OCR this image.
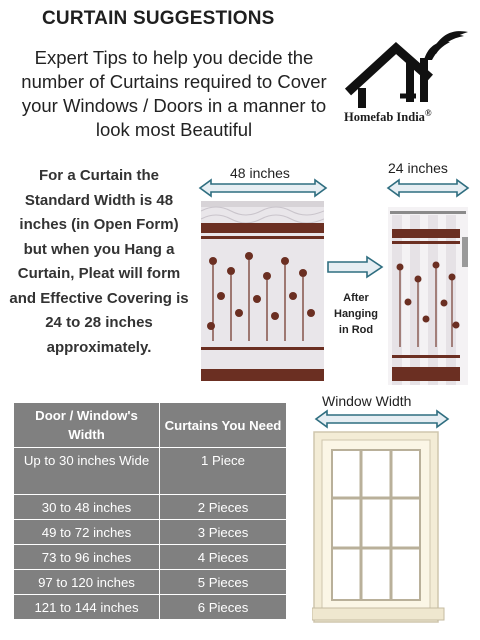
CURTAIN SUGGESTIONS
Expert Tips to help you decide the number of Curtains required to Cover your Windows / Doors in a manner to look most Beautiful
Homefab India®
For a Curtain the Standard Width is 48 inches (in Open Form) but when you Hang a Curtain, Pleat will form and Effective Covering is 24 to 28 inches approximately.
48 inches	24 inches
After Hanging in Rod
Window Width
Door / Window's Width	Curtains You Need
Up to 30 inches Wide	1 Piece
30 to 48 inches	2 Pieces
49 to 72 inches	3 Pieces
73 to 96 inches	4 Pieces
97 to 120 inches	5 Pieces
121 to 144 inches	6 Pieces
